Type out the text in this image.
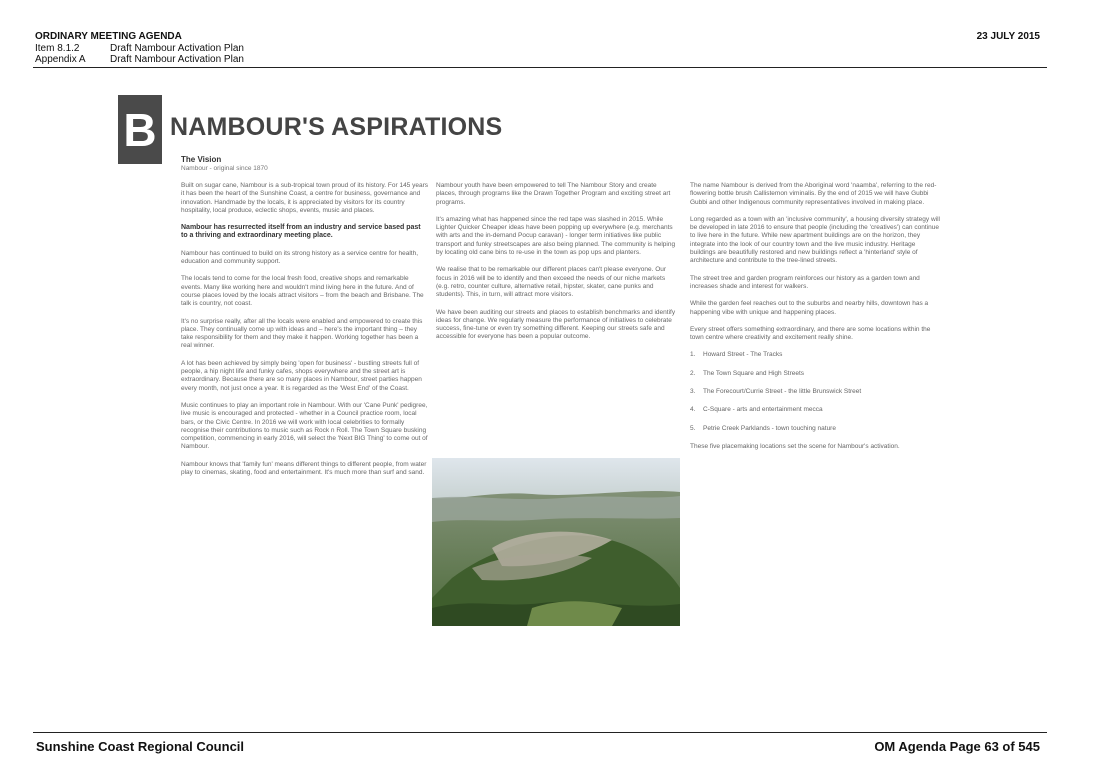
ORDINARY MEETING AGENDA
Item 8.1.2	Draft Nambour Activation Plan
Appendix A	Draft Nambour Activation Plan
23 JULY 2015
B NAMBOUR'S ASPIRATIONS
The Vision
Nambour - original since 1870

Built on sugar cane, Nambour is a sub-tropical town proud of its history. For 145 years it has been the heart of the Sunshine Coast, a centre for business, governance and innovation. Handmade by the locals, it is appreciated by visitors for its country hospitality, local produce, eclectic shops, events, music and places.

Nambour has resurrected itself from an industry and service based past to a thriving and extraordinary meeting place.

Nambour has continued to build on its strong history as a service centre for health, education and community support.

The locals tend to come for the local fresh food, creative shops and remarkable events. Many like working here and wouldn't mind living here in the future. And of course places loved by the locals attract visitors – from the beach and Brisbane. The talk is country, not coast.

It's no surprise really, after all the locals were enabled and empowered to create this place. They continually come up with ideas and – here's the important thing – they take responsibility for them and they make it happen. Working together has been a real winner.

A lot has been achieved by simply being 'open for business' - bustling streets full of people, a hip night life and funky cafes, shops everywhere and the street art is extraordinary. Because there are so many places in Nambour, street parties happen every month, not just once a year. It is regarded as the 'West End' of the Coast.

Music continues to play an important role in Nambour. With our 'Cane Punk' pedigree, live music is encouraged and protected - whether in a Council practice room, local bars, or the Civic Centre. In 2016 we will work with local celebrities to formally recognise their contributions to music such as Rock n Roll. The Town Square busking competition, commencing in early 2016, will select the 'Next BIG Thing' to come out of Nambour.

Nambour knows that 'family fun' means different things to different people, from water play to cinemas, skating, food and entertainment. It's much more than surf and sand.

Nambour youth have been empowered to tell The Nambour Story and create places, through programs like the Drawn Together Program and exciting street art programs.

It's amazing what has happened since the red tape was slashed in 2015. While Lighter Quicker Cheaper ideas have been popping up everywhere (e.g. merchants with arts and the in-demand Pocup caravan) - longer term initiatives like public transport and funky streetscapes are also being planned. The community is helping by locating old cane bins to re-use in the town as pop ups and planters.

We realise that to be remarkable our different places can't please everyone. Our focus in 2016 will be to identify and then exceed the needs of our niche markets (e.g. retro, counter culture, alternative retail, hipster, skater, cane punks and students). This, in turn, will attract more visitors.

We have been auditing our streets and places to establish benchmarks and identify ideas for change. We regularly measure the performance of initiatives to celebrate success, fine-tune or even try something different. Keeping our streets safe and accessible for everyone has been a popular outcome.

The name Nambour is derived from the Aboriginal word 'naamba', referring to the red-flowering bottle brush Callistemon viminalis. By the end of 2015 we will have Gubbi Gubbi and other Indigenous community representatives involved in making place.

Long regarded as a town with an 'inclusive community', a housing diversity strategy will be developed in late 2016 to ensure that people (including the 'creatives') can continue to live here in the future. While new apartment buildings are on the horizon, they integrate into the look of our country town and the live music industry. Heritage buildings are beautifully restored and new buildings reflect a 'hinterland' style of architecture and contribute to the tree-lined streets.

The street tree and garden program reinforces our history as a garden town and increases shade and interest for walkers.

While the garden feel reaches out to the suburbs and nearby hills, downtown has a happening vibe with unique and happening places.

Every street offers something extraordinary, and there are some locations within the town centre where creativity and excitement really shine.

1.	Howard Street - The Tracks
2.	The Town Square and High Streets
3.	The Forecourt/Currie Street - the little Brunswick Street
4.	C-Square - arts and entertainment mecca
5.	Petrie Creek Parklands - town touching nature

These five placemaking locations set the scene for Nambour's activation.

Sunshine Coast Regional Council	OM Agenda Page 63 of 545
